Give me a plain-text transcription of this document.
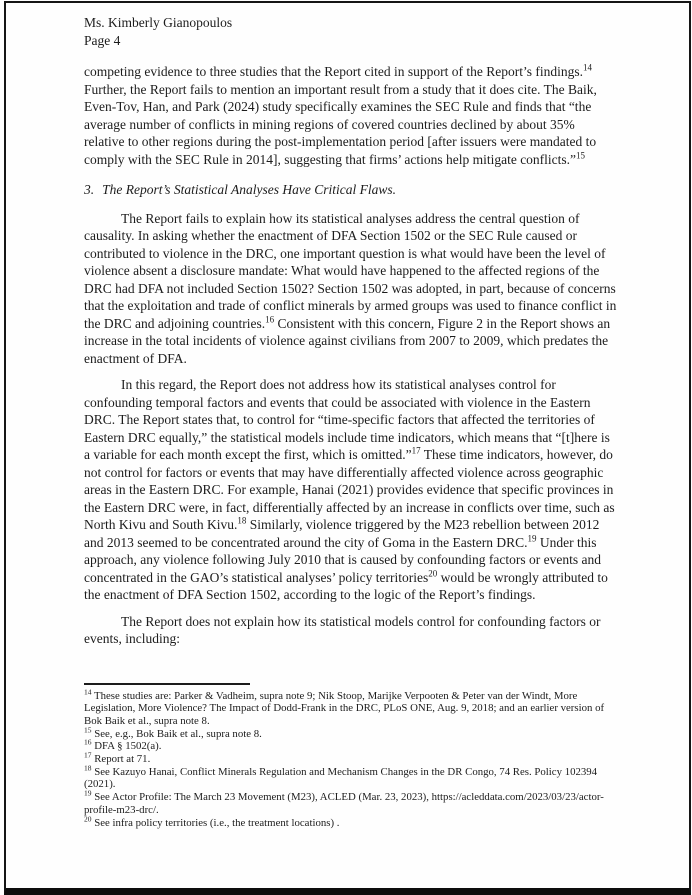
Ms. Kimberly Gianopoulos
Page 4

competing evidence to three studies that the Report cited in support of the Report’s findings.$^{14}$ Further, the Report fails to mention an important result from a study that it does cite. The Baik, Even-Tov, Han, and Park (2024) study specifically examines the SEC Rule and finds that “the average number of conflicts in mining regions of covered countries declined by about 35% relative to other regions during the post-implementation period [after issuers were mandated to comply with the SEC Rule in 2014], suggesting that firms’ actions help mitigate conflicts.”$^{15}$

3. The Report’s Statistical Analyses Have Critical Flaws.

The Report fails to explain how its statistical analyses address the central question of causality. In asking whether the enactment of DFA Section 1502 or the SEC Rule caused or contributed to violence in the DRC, one important question is what would have been the level of violence absent a disclosure mandate: What would have happened to the affected regions of the DRC had DFA not included Section 1502? Section 1502 was adopted, in part, because of concerns that the exploitation and trade of conflict minerals by armed groups was used to finance conflict in the DRC and adjoining countries.$^{16}$ Consistent with this concern, Figure 2 in the Report shows an increase in the total incidents of violence against civilians from 2007 to 2009, which predates the enactment of DFA.

In this regard, the Report does not address how its statistical analyses control for confounding temporal factors and events that could be associated with violence in the Eastern DRC. The Report states that, to control for “time-specific factors that affected the territories of Eastern DRC equally,” the statistical models include time indicators, which means that “[t]here is a variable for each month except the first, which is omitted.”$^{17}$ These time indicators, however, do not control for factors or events that may have differentially affected violence across geographic areas in the Eastern DRC. For example, Hanai (2021) provides evidence that specific provinces in the Eastern DRC were, in fact, differentially affected by an increase in conflicts over time, such as North Kivu and South Kivu.$^{18}$ Similarly, violence triggered by the M23 rebellion between 2012 and 2013 seemed to be concentrated around the city of Goma in the Eastern DRC.$^{19}$ Under this approach, any violence following July 2010 that is caused by confounding factors or events and concentrated in the GAO’s statistical analyses’ policy territories$^{20}$ would be wrongly attributed to the enactment of DFA Section 1502, according to the logic of the Report’s findings.

The Report does not explain how its statistical models control for confounding factors or events, including:

$^{14}$ These studies are: Parker & Vadheim, supra note 9; Nik Stoop, Marijke Verpooten & Peter van der Windt, More Legislation, More Violence? The Impact of Dodd-Frank in the DRC, PLoS ONE, Aug. 9, 2018; and an earlier version of Bok Baik et al., supra note 8.
$^{15}$ See, e.g., Bok Baik et al., supra note 8.
$^{16}$ DFA § 1502(a).
$^{17}$ Report at 71.
$^{18}$ See Kazuyo Hanai, Conflict Minerals Regulation and Mechanism Changes in the DR Congo, 74 Res. Policy 102394 (2021).
$^{19}$ See Actor Profile: The March 23 Movement (M23), ACLED (Mar. 23, 2023), https://acleddata.com/2023/03/23/actor-profile-m23-drc/.
$^{20}$ See infra policy territories (i.e., the treatment locations) .
